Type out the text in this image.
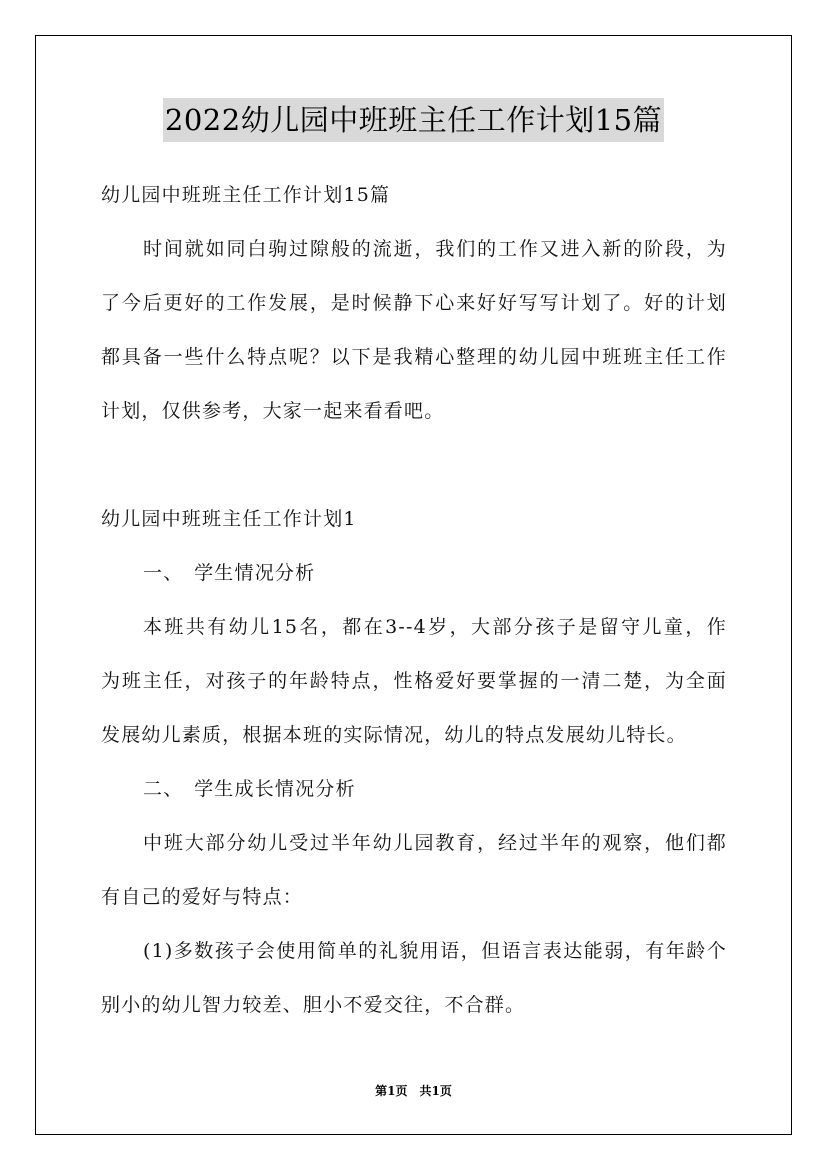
2022幼儿园中班班主任工作计划15篇
幼儿园中班班主任工作计划15篇
时间就如同白驹过隙般的流逝，我们的工作又进入新的阶段，为
了今后更好的工作发展，是时候静下心来好好写写计划了。好的计划
都具备一些什么特点呢？以下是我精心整理的幼儿园中班班主任工作
计划，仅供参考，大家一起来看看吧。
幼儿园中班班主任工作计划1
一、　学生情况分析
本班共有幼儿15名，都在3--4岁，大部分孩子是留守儿童，作
为班主任，对孩子的年龄特点，性格爱好要掌握的一清二楚，为全面
发展幼儿素质，根据本班的实际情况，幼儿的特点发展幼儿特长。
二、　学生成长情况分析
中班大部分幼儿受过半年幼儿园教育，经过半年的观察，他们都
有自己的爱好与特点：
(1)多数孩子会使用简单的礼貌用语，但语言表达能弱，有年龄个
别小的幼儿智力较差、胆小不爱交往，不合群。
第1页　共1页
